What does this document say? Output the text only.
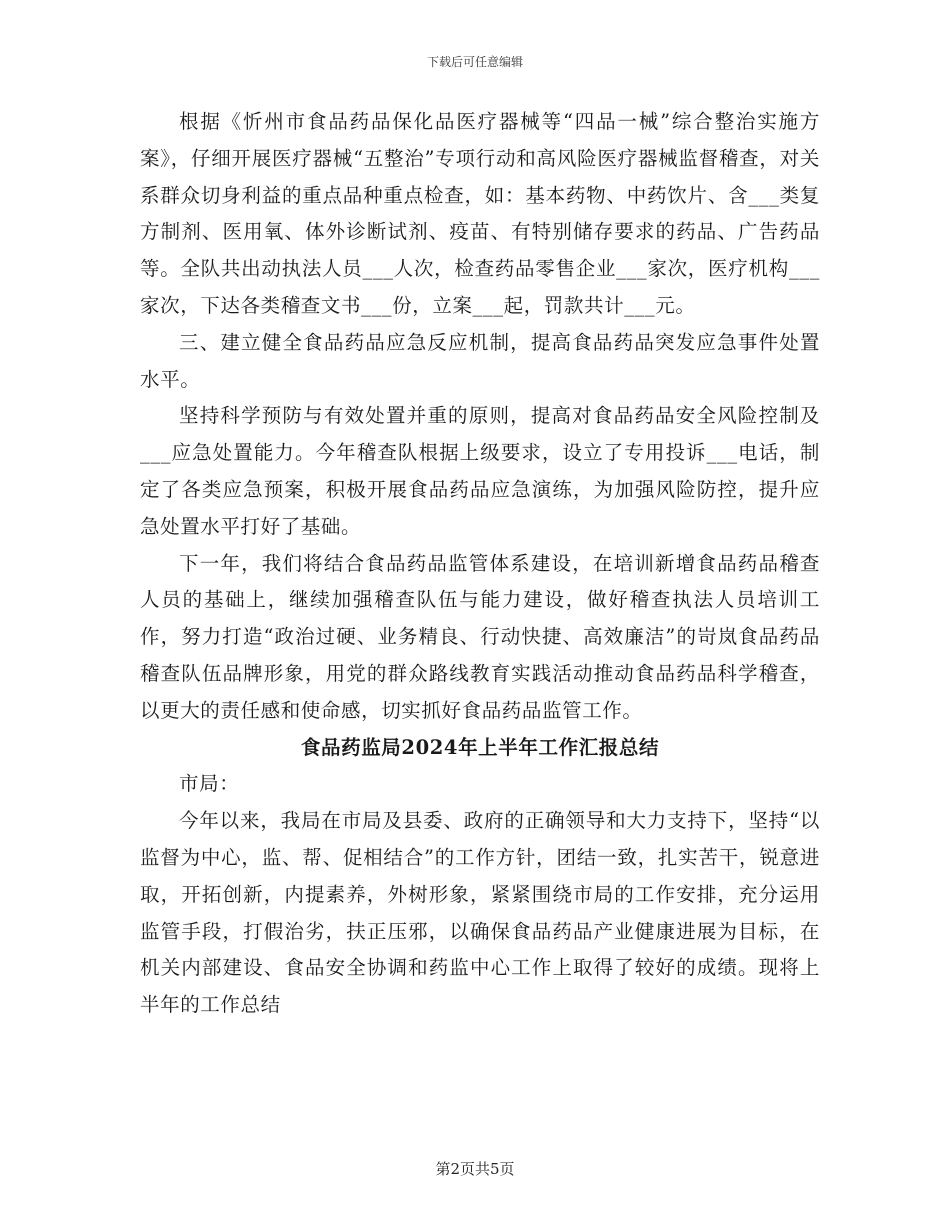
下载后可任意编辑

根据《忻州市食品药品保化品医疗器械等“四品一械”综合整治实施方案》，仔细开展医疗器械“五整治”专项行动和高风险医疗器械监督稽查，对关系群众切身利益的重点品种重点检查，如：基本药物、中药饮片、含___类复方制剂、医用氧、体外诊断试剂、疫苗、有特别储存要求的药品、广告药品等。全队共出动执法人员___人次，检查药品零售企业___家次，医疗机构___家次，下达各类稽查文书___份，立案___起，罚款共计___元。

三、建立健全食品药品应急反应机制，提高食品药品突发应急事件处置水平。

坚持科学预防与有效处置并重的原则，提高对食品药品安全风险控制及___应急处置能力。今年稽查队根据上级要求，设立了专用投诉___电话，制定了各类应急预案，积极开展食品药品应急演练，为加强风险防控，提升应急处置水平打好了基础。

下一年，我们将结合食品药品监管体系建设，在培训新增食品药品稽查人员的基础上，继续加强稽查队伍与能力建设，做好稽查执法人员培训工作，努力打造“政治过硬、业务精良、行动快捷、高效廉洁”的岢岚食品药品稽查队伍品牌形象，用党的群众路线教育实践活动推动食品药品科学稽查，以更大的责任感和使命感，切实抓好食品药品监管工作。

食品药监局2024年上半年工作汇报总结

市局：

今年以来，我局在市局及县委、政府的正确领导和大力支持下，坚持“以监督为中心，监、帮、促相结合”的工作方针，团结一致，扎实苦干，锐意进取，开拓创新，内提素养，外树形象，紧紧围绕市局的工作安排，充分运用监管手段，打假治劣，扶正压邪，以确保食品药品产业健康进展为目标，在机关内部建设、食品安全协调和药监中心工作上取得了较好的成绩。现将上半年的工作总结

第2页共5页
